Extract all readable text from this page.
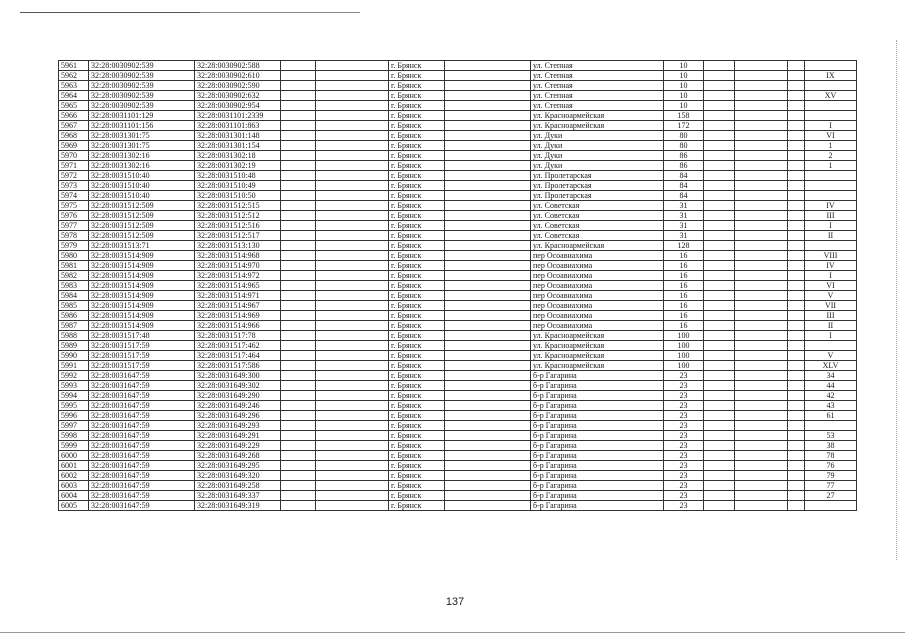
5961	32:28:0030902:539	32:28:0030902:588			г. Брянск		ул. Степная	10				
5962	32:28:0030902:539	32:28:0030902:610			г. Брянск		ул. Степная	10				IX
5963	32:28:0030902:539	32:28:0030902:590			г. Брянск		ул. Степная	10				
5964	32:28:0030902:539	32:28:0030902:632			г. Брянск		ул. Степная	10				XV
5965	32:28:0030902:539	32:28:0030902:954			г. Брянск		ул. Степная	10				
5966	32:28:0031101:129	32:28:0031101:2339			г. Брянск		ул. Красноармейская	158				
5967	32:28:0031101:156	32:28:0031101:863			г. Брянск		ул. Красноармейская	172				I
5968	32:28:0031301:75	32:28:0031301:148			г. Брянск		ул. Дуки	80				VI
5969	32:28:0031301:75	32:28:0031301:154			г. Брянск		ул. Дуки	80				1
5970	32:28:0031302:16	32:28:0031302:18			г. Брянск		ул. Дуки	86				2
5971	32:28:0031302:16	32:28:0031302:19			г. Брянск		ул. Дуки	86				1
5972	32:28:0031510:40	32:28:0031510:48			г. Брянск		ул. Пролетарская	84				
5973	32:28:0031510:40	32:28:0031510:49			г. Брянск		ул. Пролетарская	84				
5974	32:28:0031510:40	32:28:0031510:50			г. Брянск		ул. Пролетарская	84				
5975	32:28:0031512:509	32:28:0031512:515			г. Брянск		ул. Советская	31				IV
5976	32:28:0031512:509	32:28:0031512:512			г. Брянск		ул. Советская	31				III
5977	32:28:0031512:509	32:28:0031512:516			г. Брянск		ул. Советская	31				I
5978	32:28:0031512:509	32:28:0031512:517			г. Брянск		ул. Советская	31				II
5979	32:28:0031513:71	32:28:0031513:130			г. Брянск		ул. Красноармейская	128				
5980	32:28:0031514:909	32:28:0031514:968			г. Брянск		пер Осоавиахима	16				VIII
5981	32:28:0031514:909	32:28:0031514:970			г. Брянск		пер Осоавиахима	16				IV
5982	32:28:0031514:909	32:28:0031514:972			г. Брянск		пер Осоавиахима	16				I
5983	32:28:0031514:909	32:28:0031514:965			г. Брянск		пер Осоавиахима	16				VI
5984	32:28:0031514:909	32:28:0031514:971			г. Брянск		пер Осоавиахима	16				V
5985	32:28:0031514:909	32:28:0031514:967			г. Брянск		пер Осоавиахима	16				VII
5986	32:28:0031514:909	32:28:0031514:969			г. Брянск		пер Осоавиахима	16				III
5987	32:28:0031514:909	32:28:0031514:966			г. Брянск		пер Осоавиахима	16				II
5988	32:28:0031517:48	32:28:0031517:78			г. Брянск		ул. Красноармейская	100				I
5989	32:28:0031517:59	32:28:0031517:462			г. Брянск		ул. Красноармейская	100				
5990	32:28:0031517:59	32:28:0031517:464			г. Брянск		ул. Красноармейская	100				V
5991	32:28:0031517:59	32:28:0031517:586			г. Брянск		ул. Красноармейская	100				XLV
5992	32:28:0031647:59	32:28:0031649:300			г. Брянск		б-р Гагарина	23				34
5993	32:28:0031647:59	32:28:0031649:302			г. Брянск		б-р Гагарина	23				44
5994	32:28:0031647:59	32:28:0031649:290			г. Брянск		б-р Гагарина	23				42
5995	32:28:0031647:59	32:28:0031649:246			г. Брянск		б-р Гагарина	23				43
5996	32:28:0031647:59	32:28:0031649:296			г. Брянск		б-р Гагарина	23				61
5997	32:28:0031647:59	32:28:0031649:293			г. Брянск		б-р Гагарина	23				
5998	32:28:0031647:59	32:28:0031649:291			г. Брянск		б-р Гагарина	23				53
5999	32:28:0031647:59	32:28:0031649:229			г. Брянск		б-р Гагарина	23				38
6000	32:28:0031647:59	32:28:0031649:268			г. Брянск		б-р Гагарина	23				78
6001	32:28:0031647:59	32:28:0031649:295			г. Брянск		б-р Гагарина	23				76
6002	32:28:0031647:59	32:28:0031649:320			г. Брянск		б-р Гагарина	23				79
6003	32:28:0031647:59	32:28:0031649:258			г. Брянск		б-р Гагарина	23				77
6004	32:28:0031647:59	32:28:0031649:337			г. Брянск		б-р Гагарина	23				27
6005	32:28:0031647:59	32:28:0031649:319			г. Брянск		б-р Гагарина	23				
137
